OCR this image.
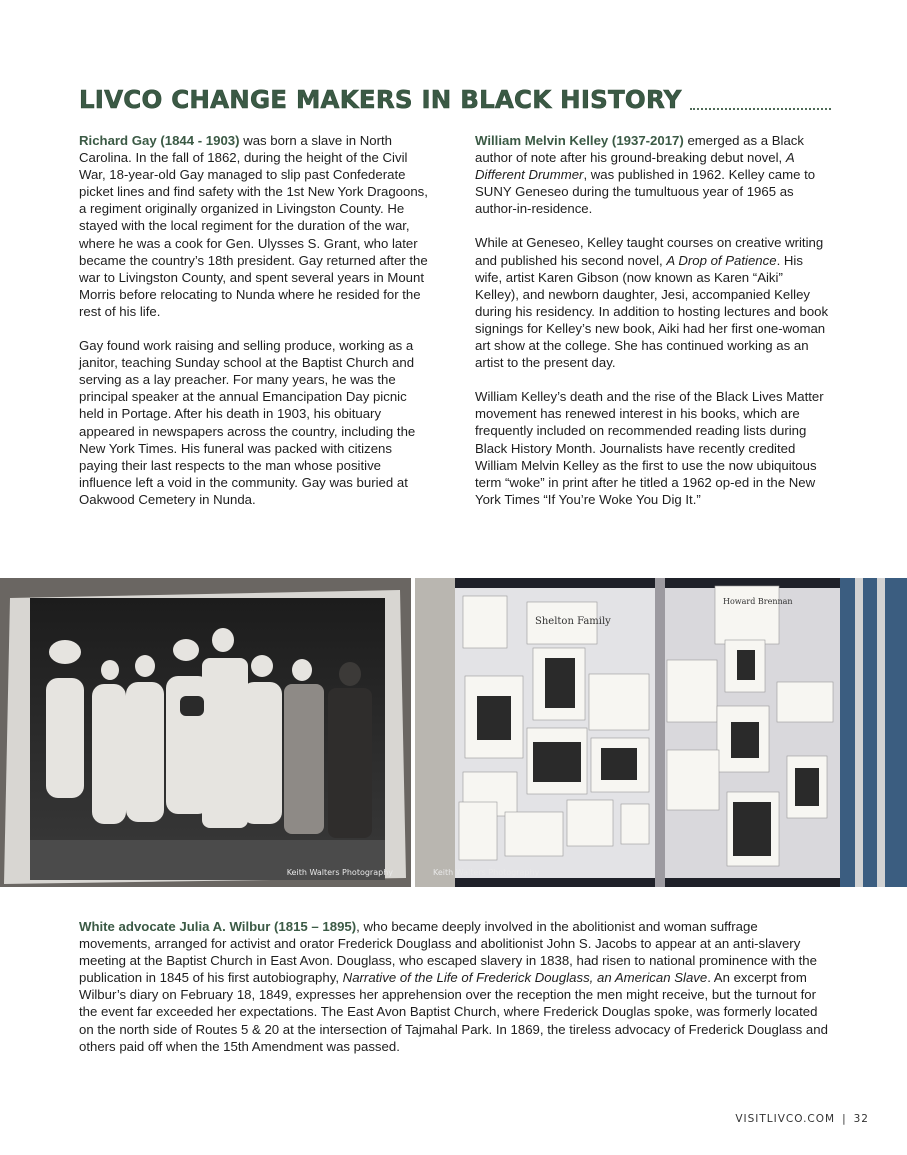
LIVCO CHANGE MAKERS IN BLACK HISTORY

Richard Gay (1844 - 1903) was born a slave in North Carolina. In the fall of 1862, during the height of the Civil War, 18-year-old Gay managed to slip past Confederate picket lines and find safety with the 1st New York Dragoons, a regiment originally organized in Livingston County. He stayed with the local regiment for the duration of the war, where he was a cook for Gen. Ulysses S. Grant, who later became the country’s 18th president. Gay returned after the war to Livingston County, and spent several years in Mount Morris before relocating to Nunda where he resided for the rest of his life.

Gay found work raising and selling produce, working as a janitor, teaching Sunday school at the Baptist Church and serving as a lay preacher. For many years, he was the principal speaker at the annual Emancipation Day picnic held in Portage. After his death in 1903, his obituary appeared in newspapers across the country, including the New York Times. His funeral was packed with citizens paying their last respects to the man whose positive influence left a void in the community. Gay was buried at Oakwood Cemetery in Nunda.

William Melvin Kelley (1937-2017) emerged as a Black author of note after his ground-breaking debut novel, A Different Drummer, was published in 1962. Kelley came to SUNY Geneseo during the tumultuous year of 1965 as author-in-residence.

While at Geneseo, Kelley taught courses on creative writing and published his second novel, A Drop of Patience. His wife, artist Karen Gibson (now known as Karen “Aiki” Kelley), and newborn daughter, Jesi, accompanied Kelley during his residency. In addition to hosting lectures and book signings for Kelley’s new book, Aiki had her first one-woman art show at the college. She has continued working as an artist to the present day.

William Kelley’s death and the rise of the Black Lives Matter movement has renewed interest in his books, which are frequently included on recommended reading lists during Black History Month. Journalists have recently credited William Melvin Kelley as the first to use the now ubiquitous term “woke” in print after he titled a 1962 op-ed in the New York Times “If You’re Woke You Dig It.”

Keith Walters Photography
Shelton Family
Howard Brennan
Keith Walters Photography
White advocate Julia A. Wilbur (1815 – 1895), who became deeply involved in the abolitionist and woman suffrage movements, arranged for activist and orator Frederick Douglass and abolitionist John S. Jacobs to appear at an anti-slavery meeting at the Baptist Church in East Avon. Douglass, who escaped slavery in 1838, had risen to national prominence with the publication in 1845 of his first autobiography, Narrative of the Life of Frederick Douglass, an American Slave. An excerpt from Wilbur’s diary on February 18, 1849, expresses her apprehension over the reception the men might receive, but the turnout for the event far exceeded her expectations. The East Avon Baptist Church, where Frederick Douglas spoke, was formerly located on the north side of Routes 5 & 20 at the intersection of Tajmahal Park. In 1869, the tireless advocacy of Frederick Douglass and others paid off when the 15th Amendment was passed.
VISITLIVCO.COM | 32
